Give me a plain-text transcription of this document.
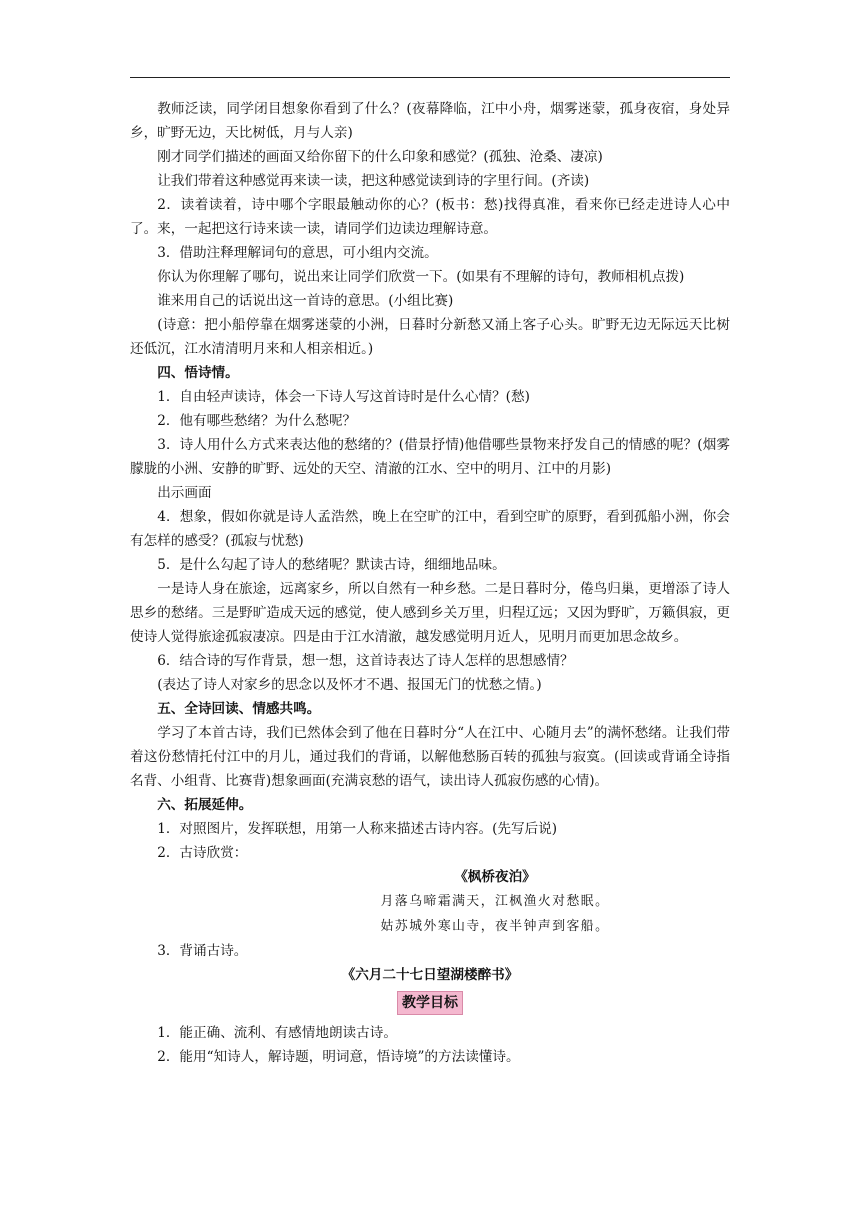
教师泛读，同学闭目想象你看到了什么？(夜幕降临，江中小舟，烟雾迷蒙，孤身夜宿，身处异乡，旷野无边，天比树低，月与人亲)

刚才同学们描述的画面又给你留下的什么印象和感觉？(孤独、沧桑、凄凉)

让我们带着这种感觉再来读一读，把这种感觉读到诗的字里行间。(齐读)

2．读着读着，诗中哪个字眼最触动你的心？(板书：愁)找得真准，看来你已经走进诗人心中了。来，一起把这行诗来读一读，请同学们边读边理解诗意。

3．借助注释理解词句的意思，可小组内交流。

你认为你理解了哪句，说出来让同学们欣赏一下。(如果有不理解的诗句，教师相机点拨)

谁来用自己的话说出这一首诗的意思。(小组比赛)

(诗意：把小船停靠在烟雾迷蒙的小洲，日暮时分新愁又涌上客子心头。旷野无边无际远天比树还低沉，江水清清明月来和人相亲相近。)

四、悟诗情。

1．自由轻声读诗，体会一下诗人写这首诗时是什么心情？(愁)

2．他有哪些愁绪？为什么愁呢？

3．诗人用什么方式来表达他的愁绪的？(借景抒情)他借哪些景物来抒发自己的情感的呢？(烟雾朦胧的小洲、安静的旷野、远处的天空、清澈的江水、空中的明月、江中的月影)

出示画面

4．想象，假如你就是诗人孟浩然，晚上在空旷的江中，看到空旷的原野，看到孤船小洲，你会有怎样的感受？(孤寂与忧愁)

5．是什么勾起了诗人的愁绪呢？默读古诗，细细地品味。

一是诗人身在旅途，远离家乡，所以自然有一种乡愁。二是日暮时分，倦鸟归巢，更增添了诗人思乡的愁绪。三是野旷造成天远的感觉，使人感到乡关万里，归程辽远；又因为野旷，万籁俱寂，更使诗人觉得旅途孤寂凄凉。四是由于江水清澈，越发感觉明月近人，见明月而更加思念故乡。

6．结合诗的写作背景，想一想，这首诗表达了诗人怎样的思想感情？

(表达了诗人对家乡的思念以及怀才不遇、报国无门的忧愁之情。)

五、全诗回读、情感共鸣。

学习了本首古诗，我们已然体会到了他在日暮时分“人在江中、心随月去”的满怀愁绪。让我们带着这份愁情托付江中的月儿，通过我们的背诵，以解他愁肠百转的孤独与寂寞。(回读或背诵全诗指名背、小组背、比赛背)想象画面(充满哀愁的语气，读出诗人孤寂伤感的心情)。

六、拓展延伸。

1．对照图片，发挥联想，用第一人称来描述古诗内容。(先写后说)

2．古诗欣赏：

《枫桥夜泊》

月落乌啼霜满天，江枫渔火对愁眠。

姑苏城外寒山寺，夜半钟声到客船。

3．背诵古诗。

《六月二十七日望湖楼醉书》

教学目标

1．能正确、流利、有感情地朗读古诗。

2．能用“知诗人，解诗题，明词意，悟诗境”的方法读懂诗。
